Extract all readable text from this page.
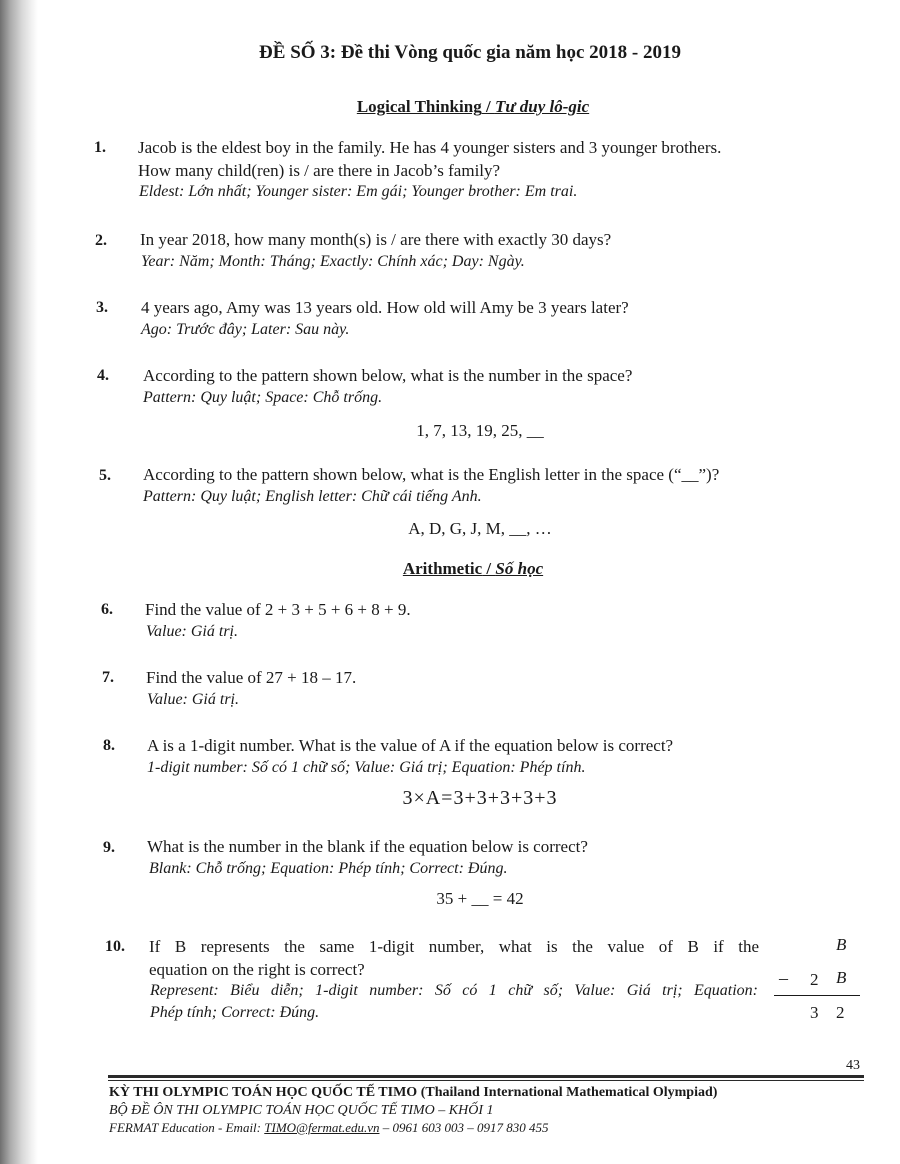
ĐỀ SỐ 3: Đề thi Vòng quốc gia năm học 2018 - 2019
Logical Thinking / Tư duy lô-gic
1. Jacob is the eldest boy in the family. He has 4 younger sisters and 3 younger brothers.
How many child(ren) is / are there in Jacob’s family?
Eldest: Lớn nhất; Younger sister: Em gái; Younger brother: Em trai.
2. In year 2018, how many month(s) is / are there with exactly 30 days?
Year: Năm; Month: Tháng; Exactly: Chính xác; Day: Ngày.
3. 4 years ago, Amy was 13 years old. How old will Amy be 3 years later?
Ago: Trước đây; Later: Sau này.
4. According to the pattern shown below, what is the number in the space?
Pattern: Quy luật; Space: Chỗ trống.
1, 7, 13, 19, 25, __
5. According to the pattern shown below, what is the English letter in the space (“__”)?
Pattern: Quy luật; English letter: Chữ cái tiếng Anh.
A, D, G, J, M, __, …
Arithmetic / Số học
6. Find the value of 2 + 3 + 5 + 6 + 8 + 9.
Value: Giá trị.
7. Find the value of 27 + 18 – 17.
Value: Giá trị.
8. A is a 1-digit number. What is the value of A if the equation below is correct?
1-digit number: Số có 1 chữ số; Value: Giá trị; Equation: Phép tính.
3×A=3+3+3+3+3
9. What is the number in the blank if the equation below is correct?
Blank: Chỗ trống; Equation: Phép tính; Correct: Đúng.
35 + __ = 42
10. If B represents the same 1-digit number, what is the value of B if the
equation on the right is correct?
Represent: Biểu diễn; 1-digit number: Số có 1 chữ số; Value: Giá trị; Equation:
Phép tính; Correct: Đúng.
B
– 2 B
3 2
43
KỲ THI OLYMPIC TOÁN HỌC QUỐC TẾ TIMO (Thailand International Mathematical Olympiad)
BỘ ĐỀ ÔN THI OLYMPIC TOÁN HỌC QUỐC TẾ TIMO – KHỐI 1
FERMAT Education - Email: TIMO@fermat.edu.vn – 0961 603 003 – 0917 830 455
